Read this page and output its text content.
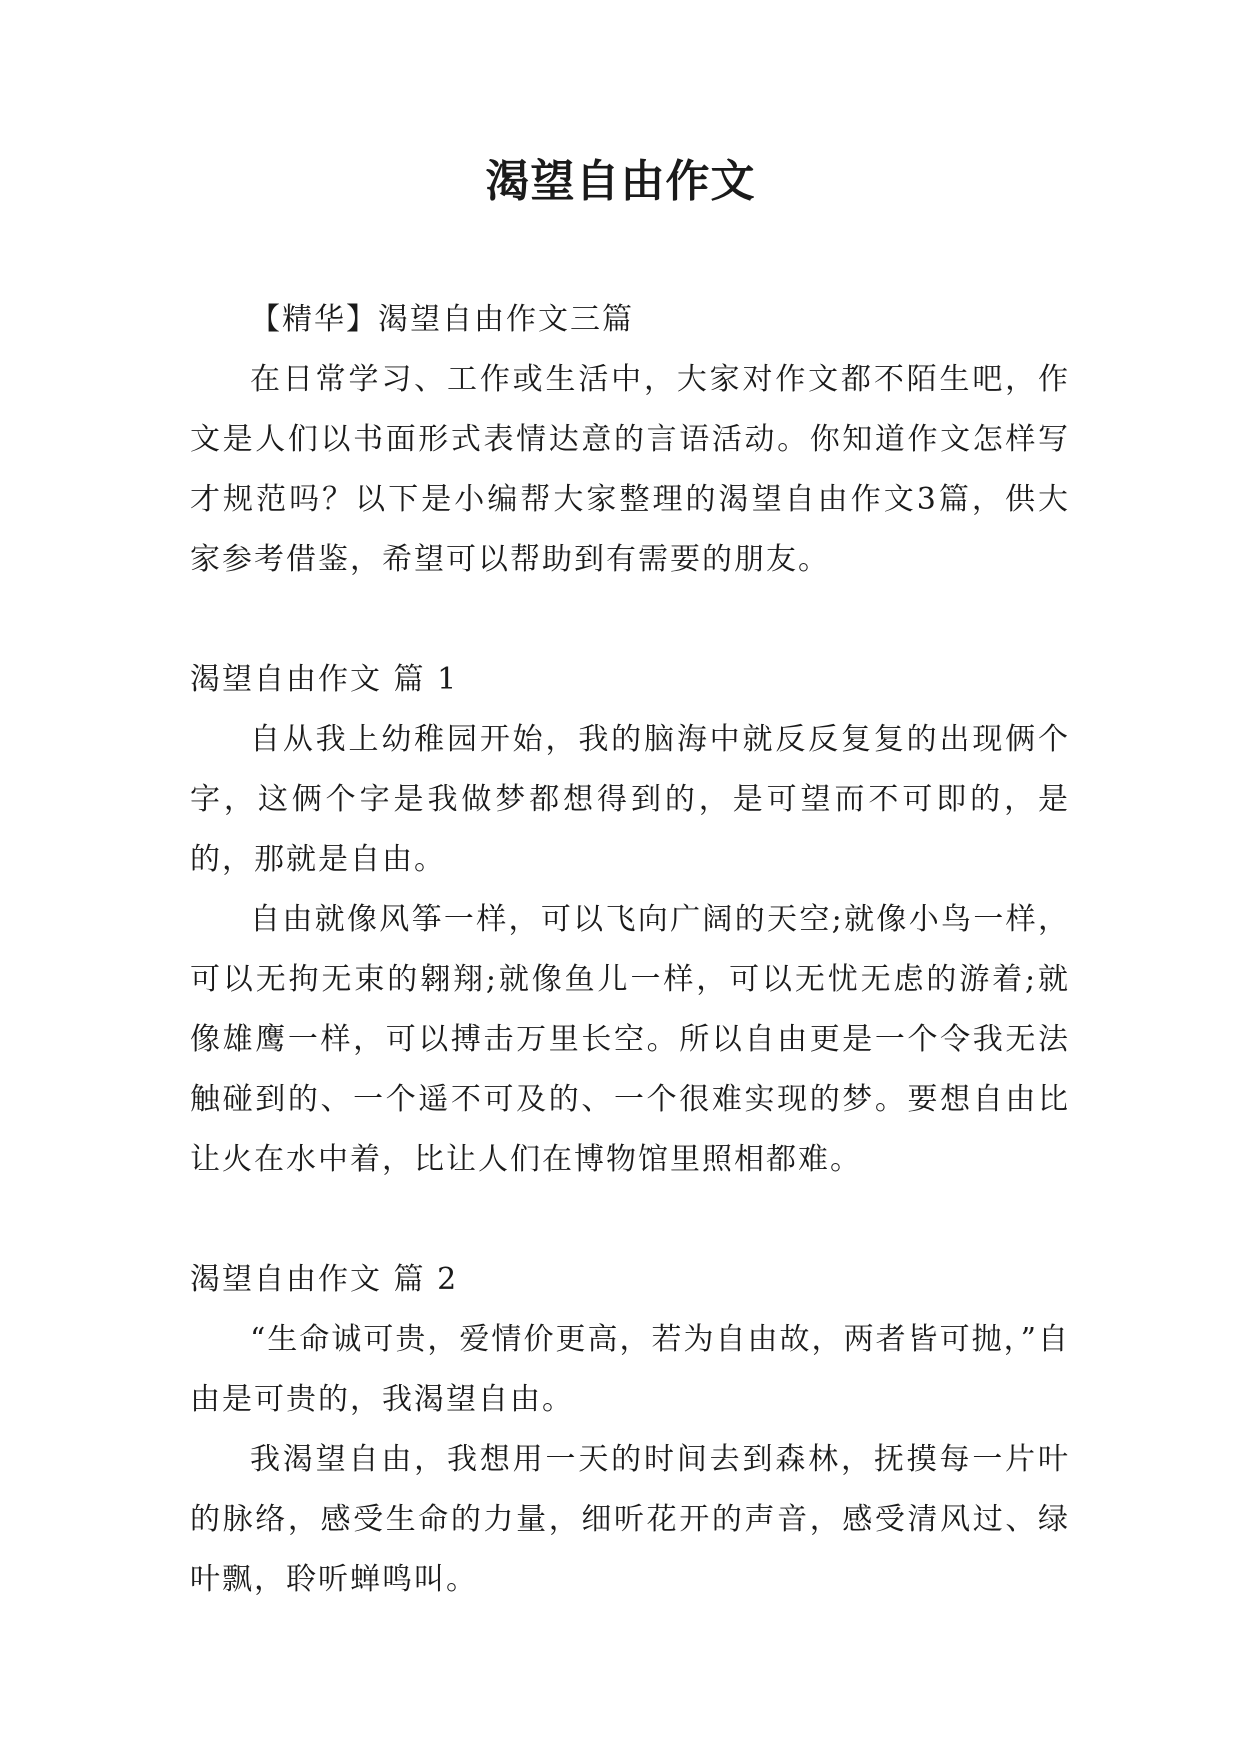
渴望自由作文

【精华】渴望自由作文三篇

在日常学习、工作或生活中，大家对作文都不陌生吧，作文是人们以书面形式表情达意的言语活动。你知道作文怎样写才规范吗？以下是小编帮大家整理的渴望自由作文3篇，供大家参考借鉴，希望可以帮助到有需要的朋友。

渴望自由作文 篇 1

自从我上幼稚园开始，我的脑海中就反反复复的出现俩个字，这俩个字是我做梦都想得到的，是可望而不可即的，是的，那就是自由。

自由就像风筝一样，可以飞向广阔的天空;就像小鸟一样，可以无拘无束的翱翔;就像鱼儿一样，可以无忧无虑的游着;就像雄鹰一样，可以搏击万里长空。所以自由更是一个令我无法触碰到的、一个遥不可及的、一个很难实现的梦。要想自由比让火在水中着，比让人们在博物馆里照相都难。

渴望自由作文 篇 2

“生命诚可贵，爱情价更高，若为自由故，两者皆可抛，”自由是可贵的，我渴望自由。

我渴望自由，我想用一天的时间去到森林，抚摸每一片叶的脉络，感受生命的力量，细听花开的声音，感受清风过、绿叶飘，聆听蝉鸣叫。
